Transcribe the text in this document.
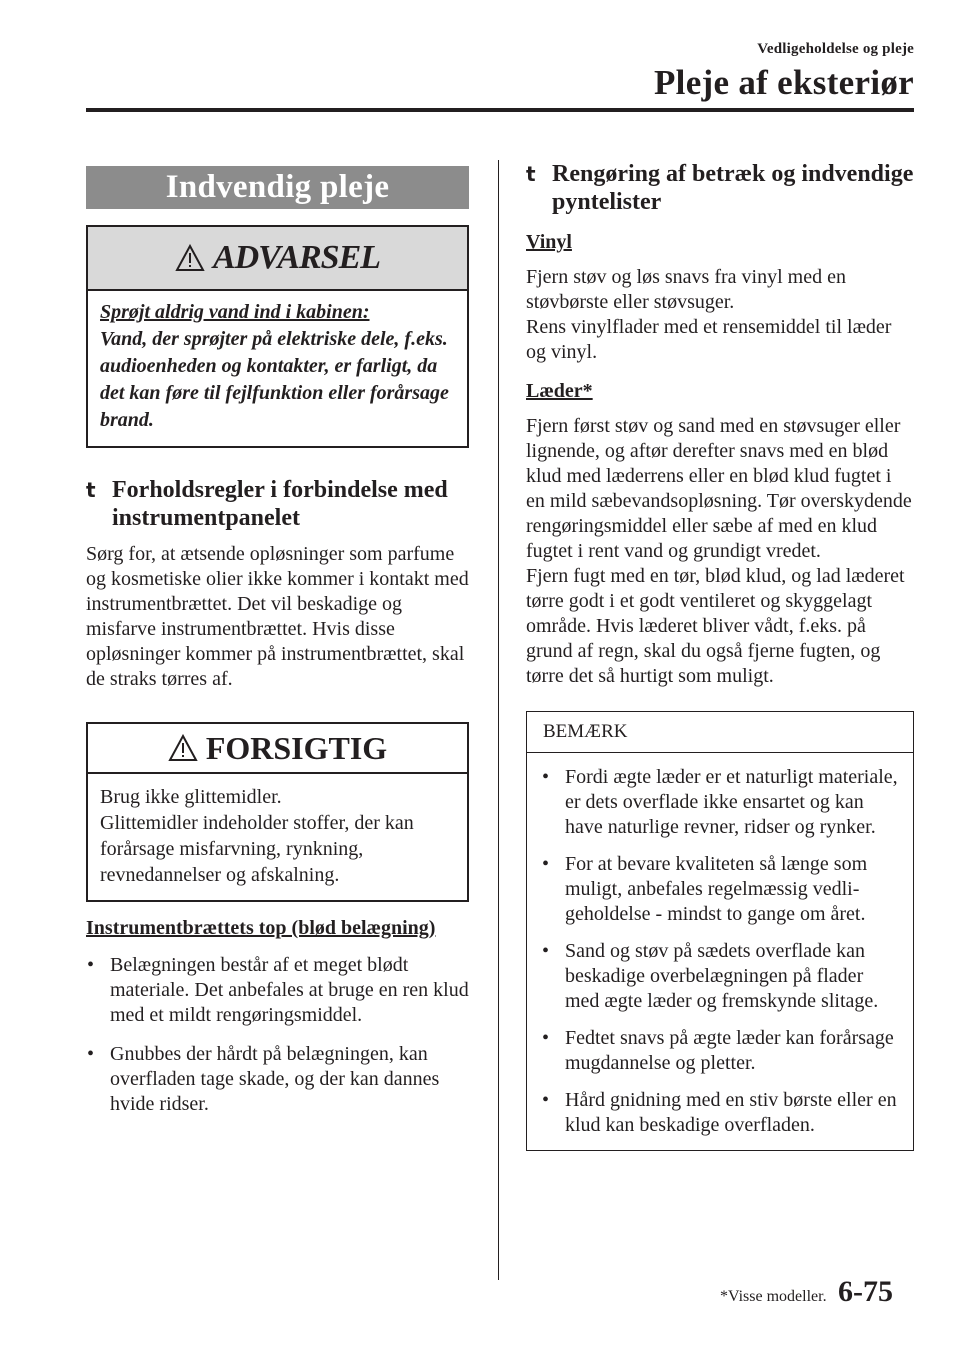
Vedligeholdelse og pleje
Pleje af eksteriør
Indvendig pleje
ADVARSEL

Sprøjt aldrig vand ind i kabinen:

Vand, der sprøjter på elektriske dele, f.eks. audioenheden og kontakter, er farligt, da det kan føre til fejlfunktion eller forårsage brand.

t Forholdsregler i forbindelse med instrumentpanelet

Sørg for, at ætsende opløsninger som parfume og kosmetiske olier ikke kommer i kontakt med instrumentbrættet. Det vil beskadige og misfarve instrumentbrættet. Hvis disse opløsninger kommer på instrumentbrættet, skal de straks tørres af.

FORSIGTIG

Brug ikke glittemidler.

Glittemidler indeholder stoffer, der kan forårsage misfarvning, rynkning, revnedannelser og afskalning.

Instrumentbrættets top (blød belægning)

• Belægningen består af et meget blødt materiale. Det anbefales at bruge en ren klud med et mildt rengøringsmiddel.
• Gnubbes der hårdt på belægningen, kan overfladen tage skade, og der kan dannes hvide ridser.
t Rengøring af betræk og indvendige pyntelister

Vinyl

Fjern støv og løs snavs fra vinyl med en støvbørste eller støvsuger.

Rens vinylflader med et rensemiddel til læder og vinyl.

Læder*

Fjern først støv og sand med en støvsuger eller lignende, og aftør derefter snavs med en blød klud med læderrens eller en blød klud fugtet i en mild sæbevandsopløsning. Tør overskydende rengøringsmiddel eller sæbe af med en klud fugtet i rent vand og grundigt vredet.

Fjern fugt med en tør, blød klud, og lad læderet tørre godt i et godt ventileret og skyggelagt område. Hvis læderet bliver vådt, f.eks. på grund af regn, skal du også fjerne fugten, og tørre det så hurtigt som muligt.

BEMÆRK
• Fordi ægte læder er et naturligt materiale, er dets overflade ikke ensartet og kan have naturlige revner, ridser og rynker.
• For at bevare kvaliteten så længe som muligt, anbefales regelmæssig vedli- geholdelse - mindst to gange om året.
• Sand og støv på sædets overflade kan beskadige overbelægningen på flader med ægte læder og fremskynde slitage.
• Fedtet snavs på ægte læder kan forårsage mugdannelse og pletter.
• Hård gnidning med en stiv børste eller en klud kan beskadige overfladen.
*Visse modeller. 6-75
